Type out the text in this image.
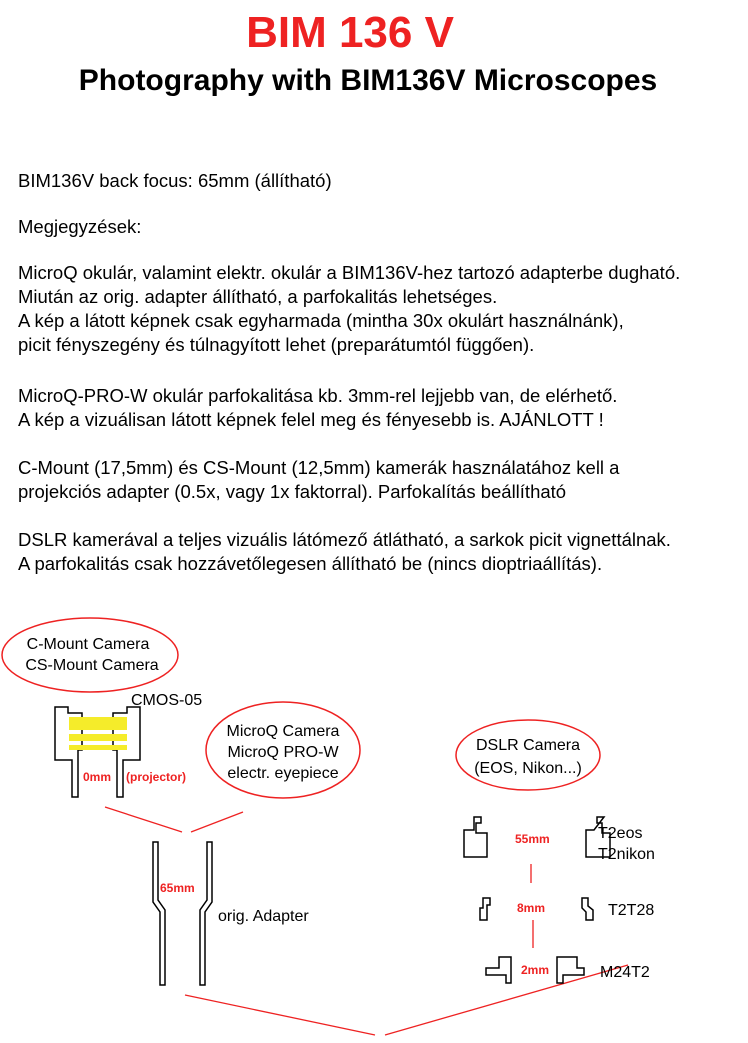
BIM 136 V
Photography with BIM136V Microscopes
BIM136V back focus: 65mm (állítható)
Megjegyzések:
MicroQ okulár, valamint elektr. okulár a BIM136V-hez tartozó adapterbe dugható.
Miután az orig. adapter állítható, a parfokalitás lehetséges.
A kép a látott képnek csak egyharmada (mintha 30x okulárt használnánk),
picit fényszegény és túlnagyított lehet (preparátumtól függően).
MicroQ-PRO-W okulár parfokalitása kb. 3mm-rel lejjebb van, de elérhető.
A kép a vizuálisan látott képnek felel meg és fényesebb is. AJÁNLOTT !
C-Mount (17,5mm) és CS-Mount (12,5mm) kamerák használatához kell a
projekciós adapter (0.5x, vagy 1x faktorral). Parfokalítás beállítható
DSLR kamerával a teljes vizuális látómező átlátható, a sarkok picit vignettálnak.
A parfokalitás csak hozzávetőlegesen állítható be (nincs dioptriaállítás).
C-Mount Camera
CS-Mount Camera
CMOS-05
0mm (projector)
MicroQ Camera
MicroQ PRO-W
electr. eyepiece
65mm
orig. Adapter
DSLR Camera
(EOS, Nikon...)
55mm	T2eos
T2nikon
8mm	T2T28
2mm	M24T2
